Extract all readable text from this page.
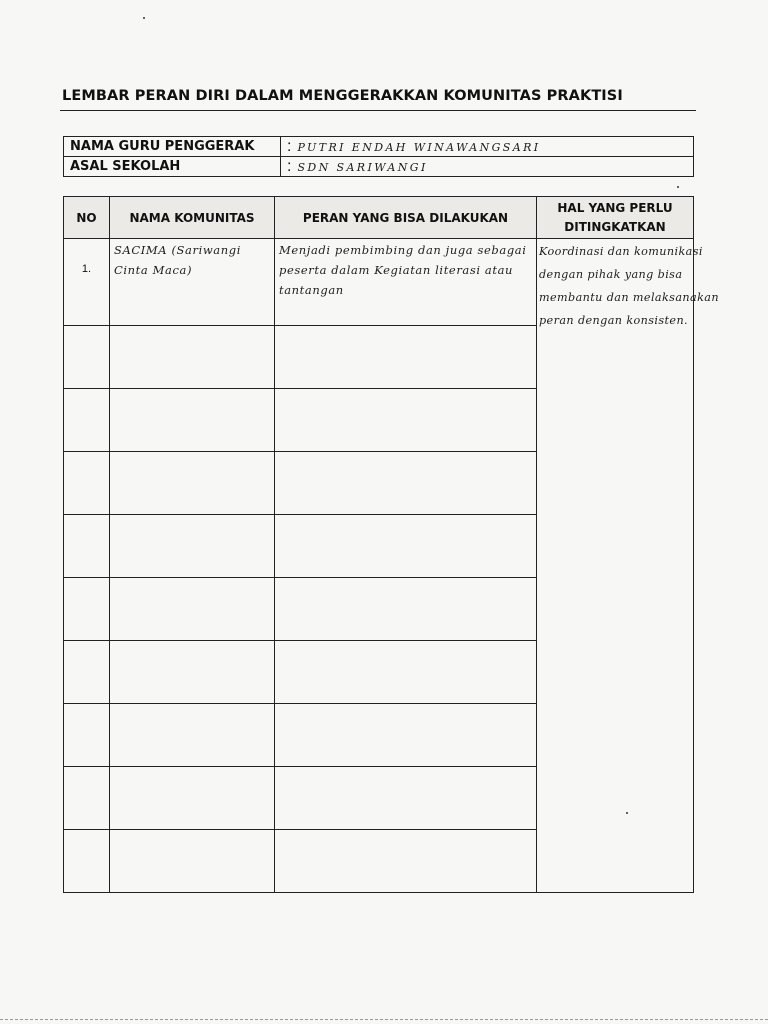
LEMBAR PERAN DIRI DALAM MENGGERAKKAN KOMUNITAS PRAKTISI
NAMA GURU PENGGERAK	: PUTRI ENDAH WINAWANGSARI
ASAL SEKOLAH	: SDN SARIWANGI
NO	NAMA KOMUNITAS	PERAN YANG BISA DILAKUKAN	HAL YANG PERLU
DITINGKATKAN
1.	SACIMA (Sariwangi Cinta Maca)	Menjadi pembimbing dan juga sebagai peserta dalam Kegiatan literasi atau tantangan	Koordinasi dan komunikasi
dengan pihak yang bisa
membantu dan melaksanakan
peran dengan konsisten.
